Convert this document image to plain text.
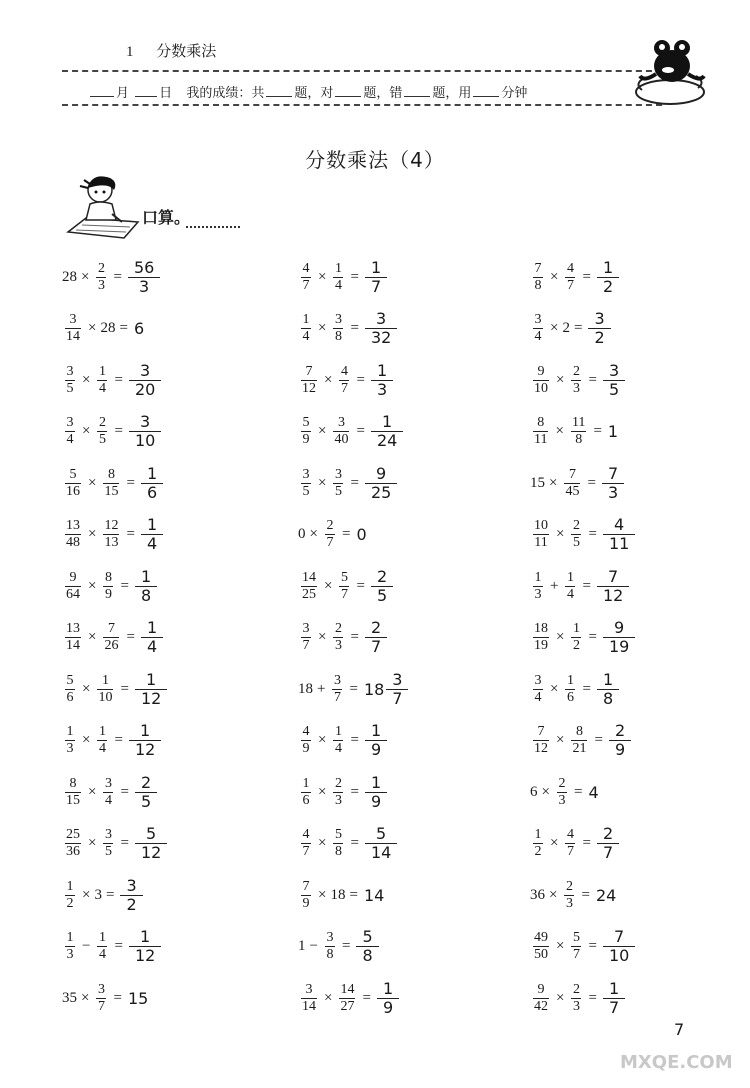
1 分数乘法
月 日 我的成绩：共 题，对 题，错 题，用 分钟
分数乘法（4）
口算。
$28 \times \frac{2}{3} = 56$
3
$\frac{3}{14} \times 28 = 6$
$\frac{3}{5} \times \frac{1}{4}$ =	3
20
$\frac{3}{4} \times \frac{2}{5}$ =	3
10
$\frac{5}{16} \times \frac{8}{15} = 1$
6
$\frac{13}{48} \times \frac{12}{13} = 1$
4
$\frac{9}{64} \times \frac{8}{9} = 1$
8
$\frac{13}{14} \times \frac{7}{26} = 1$
4
$\frac{5}{6} \times \frac{1}{10}$ =	1
12
$\frac{1}{3} \times \frac{1}{4}$ =	1
12
$\frac{8}{15} \times \frac{3}{4} = 2$
5
$\frac{25}{36} \times \frac{3}{5}$ =	5
12
$\frac{1}{2} \times 3 = 3$
2
$\frac{1}{3} - \frac{1}{4}$ =	1
12
$35 \times \frac{3}{7} = 15$
$\frac{4}{7} \times \frac{1}{4} = 1$
7
$\frac{1}{4} \times \frac{3}{8}$ =	3
32
$\frac{7}{12} \times \frac{4}{7} = 1$
3
$\frac{5}{9} \times \frac{3}{40}$ =	1
24
$\frac{3}{5} \times \frac{3}{5}$ =	9
25
$0 \times \frac{2}{7} = 0$
$\frac{14}{25} \times \frac{5}{7} = 2$
5
$\frac{3}{7} \times \frac{2}{3} = 2$
7
$18 + \frac{3}{7} = 18$
3
7
$\frac{4}{9} \times \frac{1}{4} = 1$
9
$\frac{1}{6} \times \frac{2}{3} = 1$
9
$\frac{4}{7} \times \frac{5}{8}$ =	5
14
$\frac{7}{9} \times 18 = 14$
$1 - \frac{3}{8} = 5$
8
$\frac{3}{14} \times \frac{14}{27} = 1$
9
$\frac{7}{8} \times \frac{4}{7} = 1$
2
$\frac{3}{4} \times 2 = 3$
2
$\frac{9}{10} \times \frac{2}{3} = 3$
5
$\frac{8}{11} \times \frac{11}{8} = 1$
$15 \times \frac{7}{45} = 7$
3
$\frac{10}{11} \times \frac{2}{5}$ =	4
11
$\frac{1}{3} + \frac{1}{4}$ =	7
12
$\frac{18}{19} \times \frac{1}{2}$ =	9
19
$\frac{3}{4} \times \frac{1}{6} = 1$
8
$\frac{7}{12} \times \frac{8}{21} = 2$
9
$6 \times \frac{2}{3} = 4$
$\frac{1}{2} \times \frac{4}{7} = 2$
7
$36 \times \frac{2}{3} = 24$
$\frac{49}{50} \times \frac{5}{7}$ =	7
10
$\frac{9}{42} \times \frac{2}{3} = 1$
7
7
MXQE.COM
